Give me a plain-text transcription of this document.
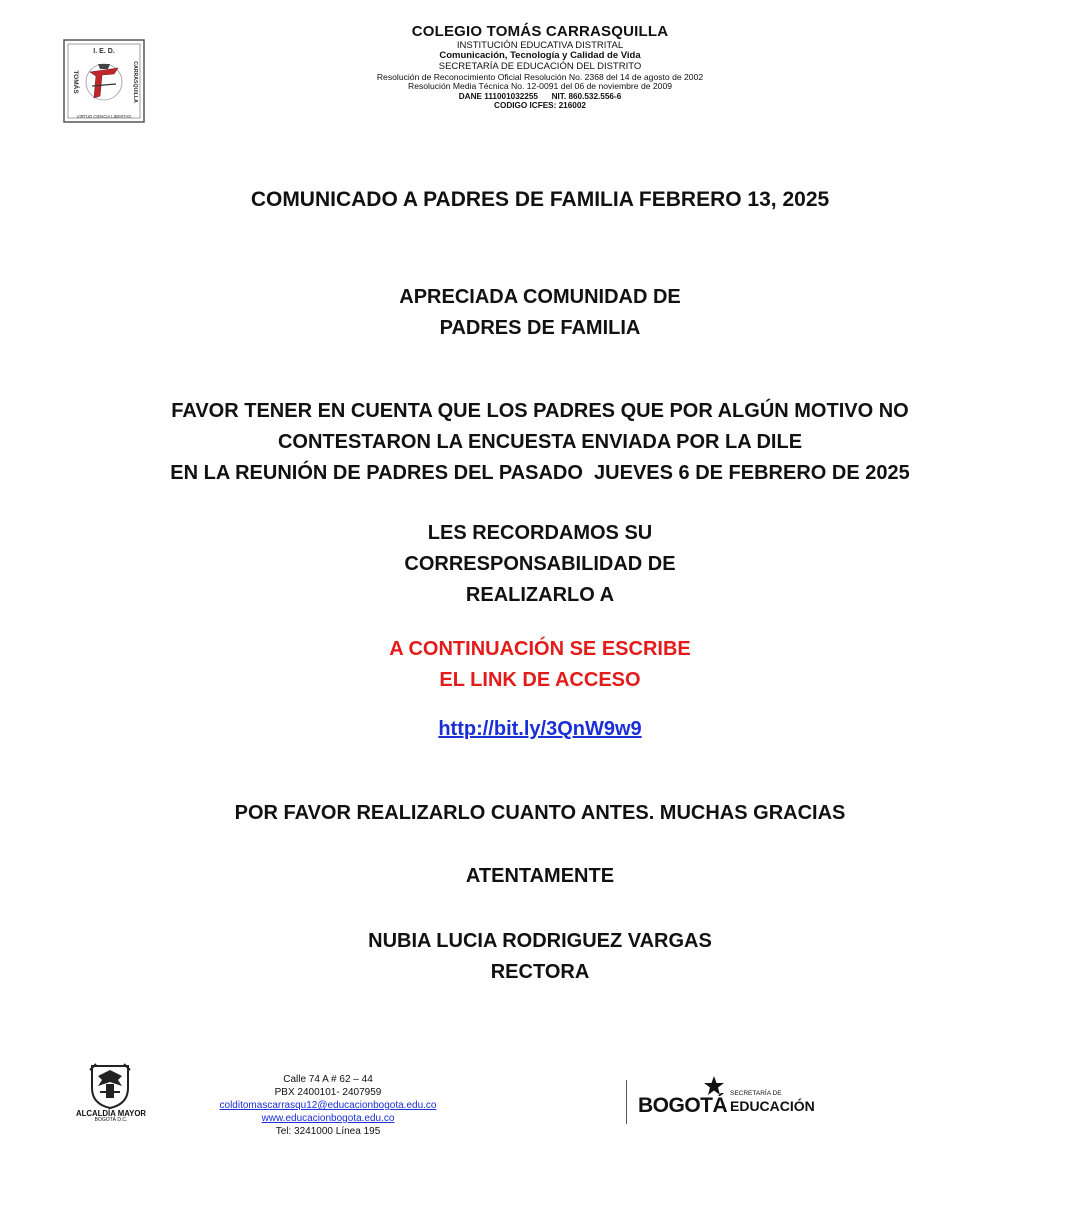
I. E. D.
TOMÁS	CARRASQUILLA
VIRTUD CIENCIA LIBERTAD
COLEGIO TOMÁS CARRASQUILLA
INSTITUCIÓN EDUCATIVA DISTRITAL
Comunicación, Tecnología y Calidad de Vida
SECRETARÍA DE EDUCACIÓN DEL DISTRITO
Resolución de Reconocimiento Oficial Resolución No. 2368 del 14 de agosto de 2002
Resolución Media Técnica No. 12-0091 del 06 de noviembre de 2009
DANE 111001032255      NIT. 860.532.556-6
CODIGO ICFES: 216002
COMUNICADO A PADRES DE FAMILIA FEBRERO 13, 2025
APRECIADA COMUNIDAD DE
PADRES DE FAMILIA
FAVOR TENER EN CUENTA QUE LOS PADRES QUE POR ALGÚN MOTIVO NO
CONTESTARON LA ENCUESTA ENVIADA POR LA DILE
EN LA REUNIÓN DE PADRES DEL PASADO  JUEVES 6 DE FEBRERO DE 2025
LES RECORDAMOS SU
CORRESPONSABILIDAD DE
REALIZARLO A
A CONTINUACIÓN SE ESCRIBE
EL LINK DE ACCESO
http://bit.ly/3QnW9w9
POR FAVOR REALIZARLO CUANTO ANTES. MUCHAS GRACIAS
ATENTAMENTE
NUBIA LUCIA RODRIGUEZ VARGAS
RECTORA
ALCALDÍA MAYOR
BOGOTÁ D.C.
Calle 74 A # 62 – 44
PBX 2400101- 2407959
colditomascarrasqu12@educacionbogota.edu.co
www.educacionbogota.edu.co
Tel: 3241000 Línea 195
BOGOTÁ
SECRETARÍA DE
EDUCACIÓN
